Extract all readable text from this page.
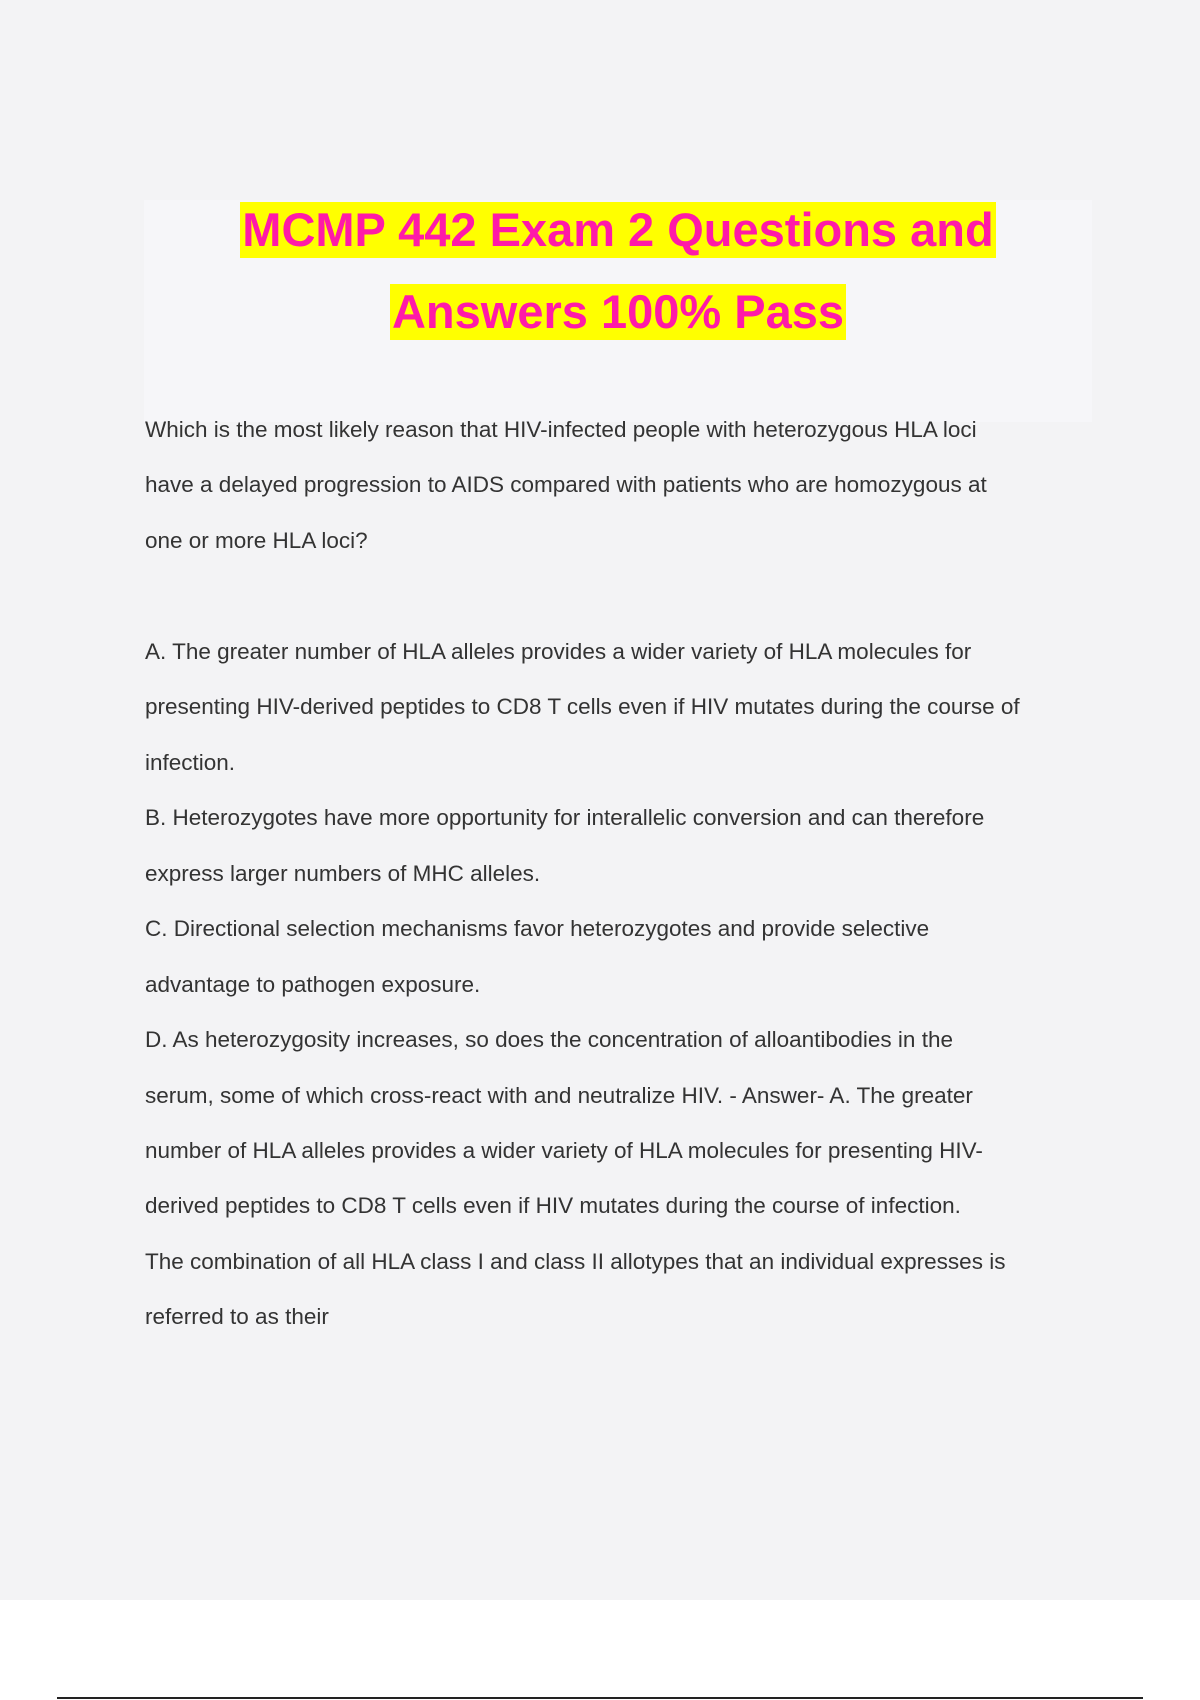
MCMP 442 Exam 2 Questions and
Answers 100% Pass
Which is the most likely reason that HIV-infected people with heterozygous HLA loci
have a delayed progression to AIDS compared with patients who are homozygous at
one or more HLA loci?
A. The greater number of HLA alleles provides a wider variety of HLA molecules for
presenting HIV-derived peptides to CD8 T cells even if HIV mutates during the course of
infection.
B. Heterozygotes have more opportunity for interallelic conversion and can therefore
express larger numbers of MHC alleles.
C. Directional selection mechanisms favor heterozygotes and provide selective
advantage to pathogen exposure.
D. As heterozygosity increases, so does the concentration of alloantibodies in the
serum, some of which cross-react with and neutralize HIV. - Answer- A. The greater
number of HLA alleles provides a wider variety of HLA molecules for presenting HIV-
derived peptides to CD8 T cells even if HIV mutates during the course of infection.
The combination of all HLA class I and class II allotypes that an individual expresses is
referred to as their
